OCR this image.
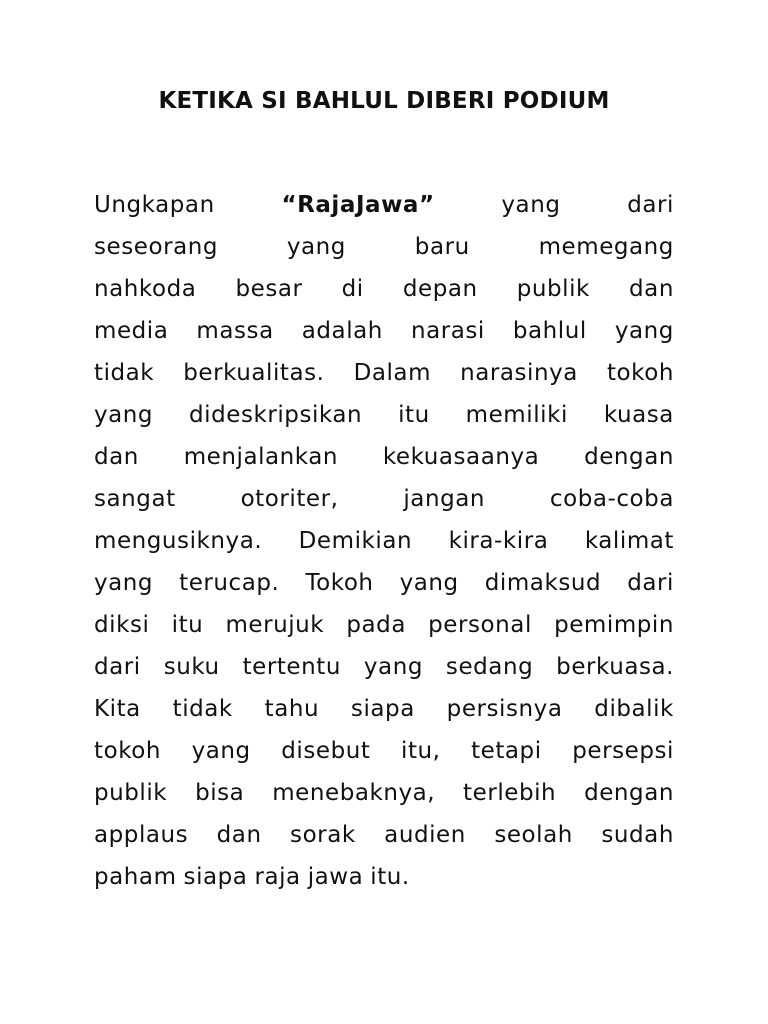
KETIKA SI BAHLUL DIBERI PODIUM
Ungkapan	“RajaJawa”	yang	dari
seseorang	yang	baru	memegang
nahkoda besar di depan publik dan
media massa adalah narasi bahlul yang
tidak berkualitas. Dalam narasinya tokoh
yang dideskripsikan itu memiliki kuasa
dan menjalankan kekuasaanya dengan
sangat	otoriter,	jangan	coba-coba
mengusiknya. Demikian kira-kira kalimat
yang terucap. Tokoh yang dimaksud dari
diksi itu merujuk pada personal pemimpin
dari suku tertentu yang sedang berkuasa.
Kita tidak tahu siapa persisnya dibalik
tokoh yang disebut itu, tetapi persepsi
publik bisa menebaknya, terlebih dengan
applaus dan sorak audien seolah sudah
paham siapa raja jawa itu.
